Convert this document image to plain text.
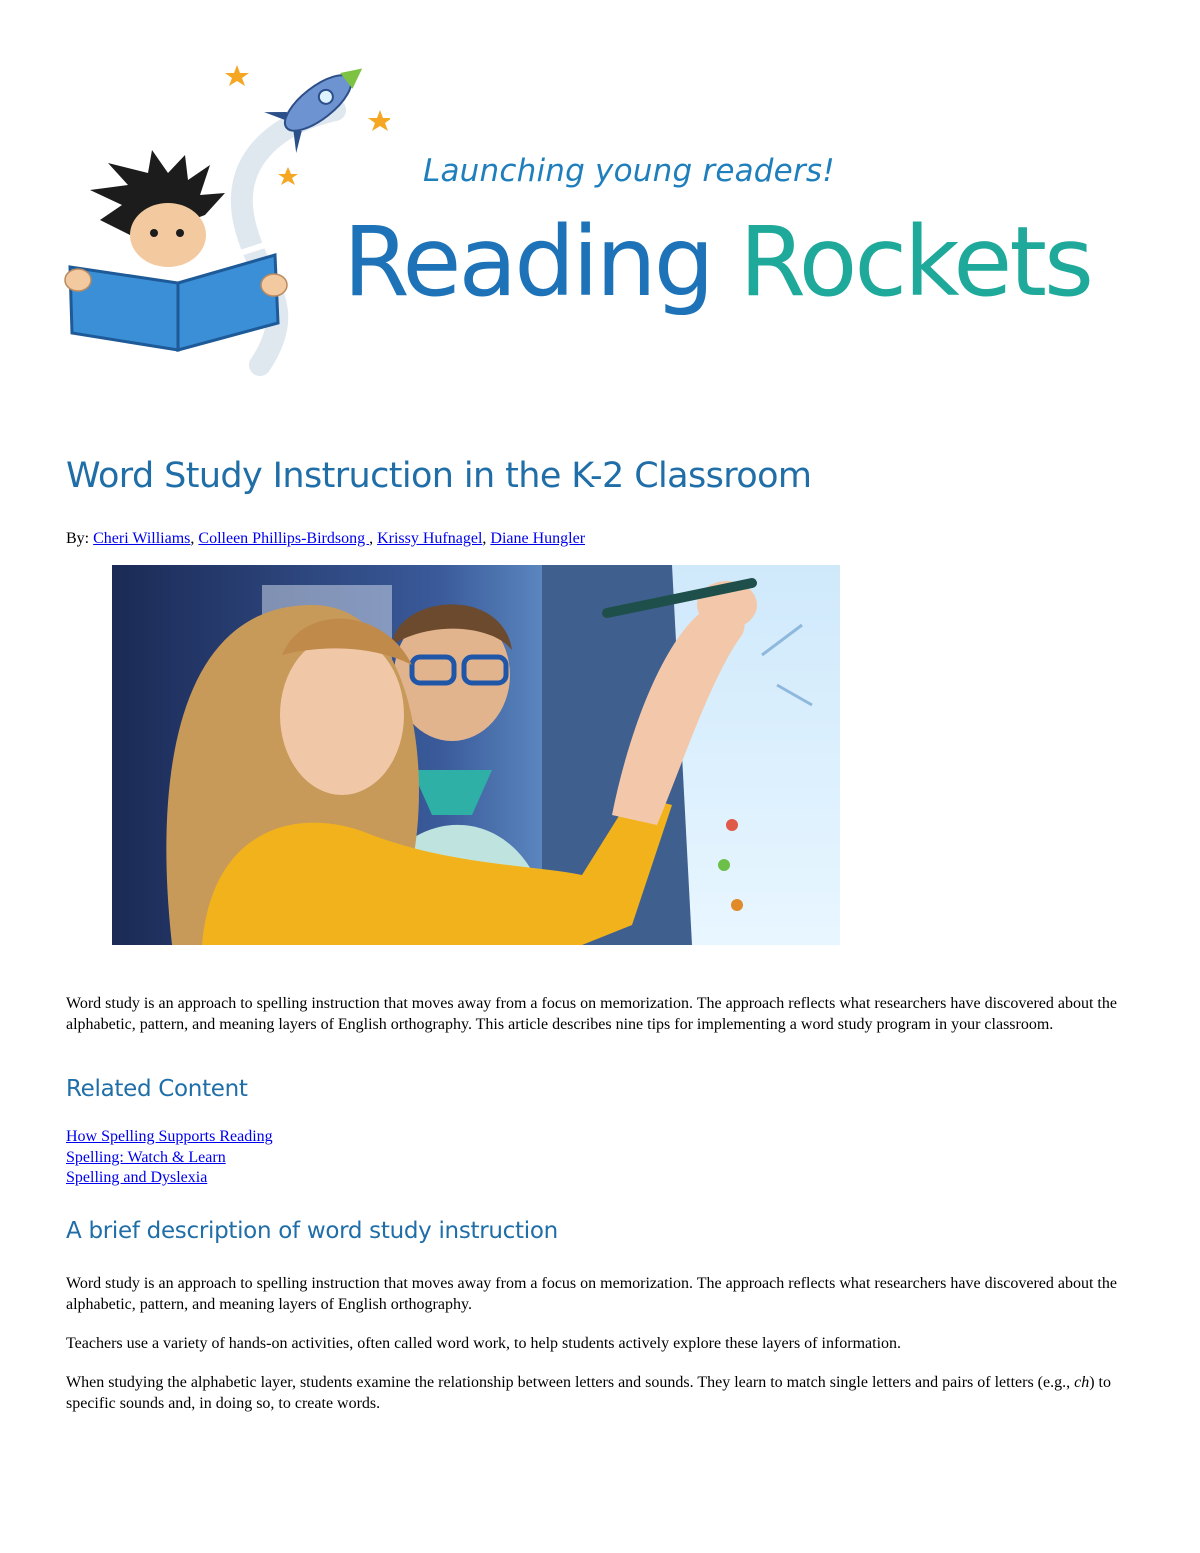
Launching young readers!
Reading Rockets
Word Study Instruction in the K-2 Classroom
By: Cheri Williams, Colleen Phillips-Birdsong , Krissy Hufnagel, Diane Hungler

Word study is an approach to spelling instruction that moves away from a focus on memorization. The approach reflects what researchers have discovered about the alphabetic, pattern, and meaning layers of English orthography. This article describes nine tips for implementing a word study program in your classroom.

Related Content
How Spelling Supports Reading
Spelling: Watch & Learn
Spelling and Dyslexia
A brief description of word study instruction

Word study is an approach to spelling instruction that moves away from a focus on memorization. The approach reflects what researchers have discovered about the alphabetic, pattern, and meaning layers of English orthography.

Teachers use a variety of hands-on activities, often called word work, to help students actively explore these layers of information.

When studying the alphabetic layer, students examine the relationship between letters and sounds. They learn to match single letters and pairs of letters (e.g., ch) to specific sounds and, in doing so, to create words.
